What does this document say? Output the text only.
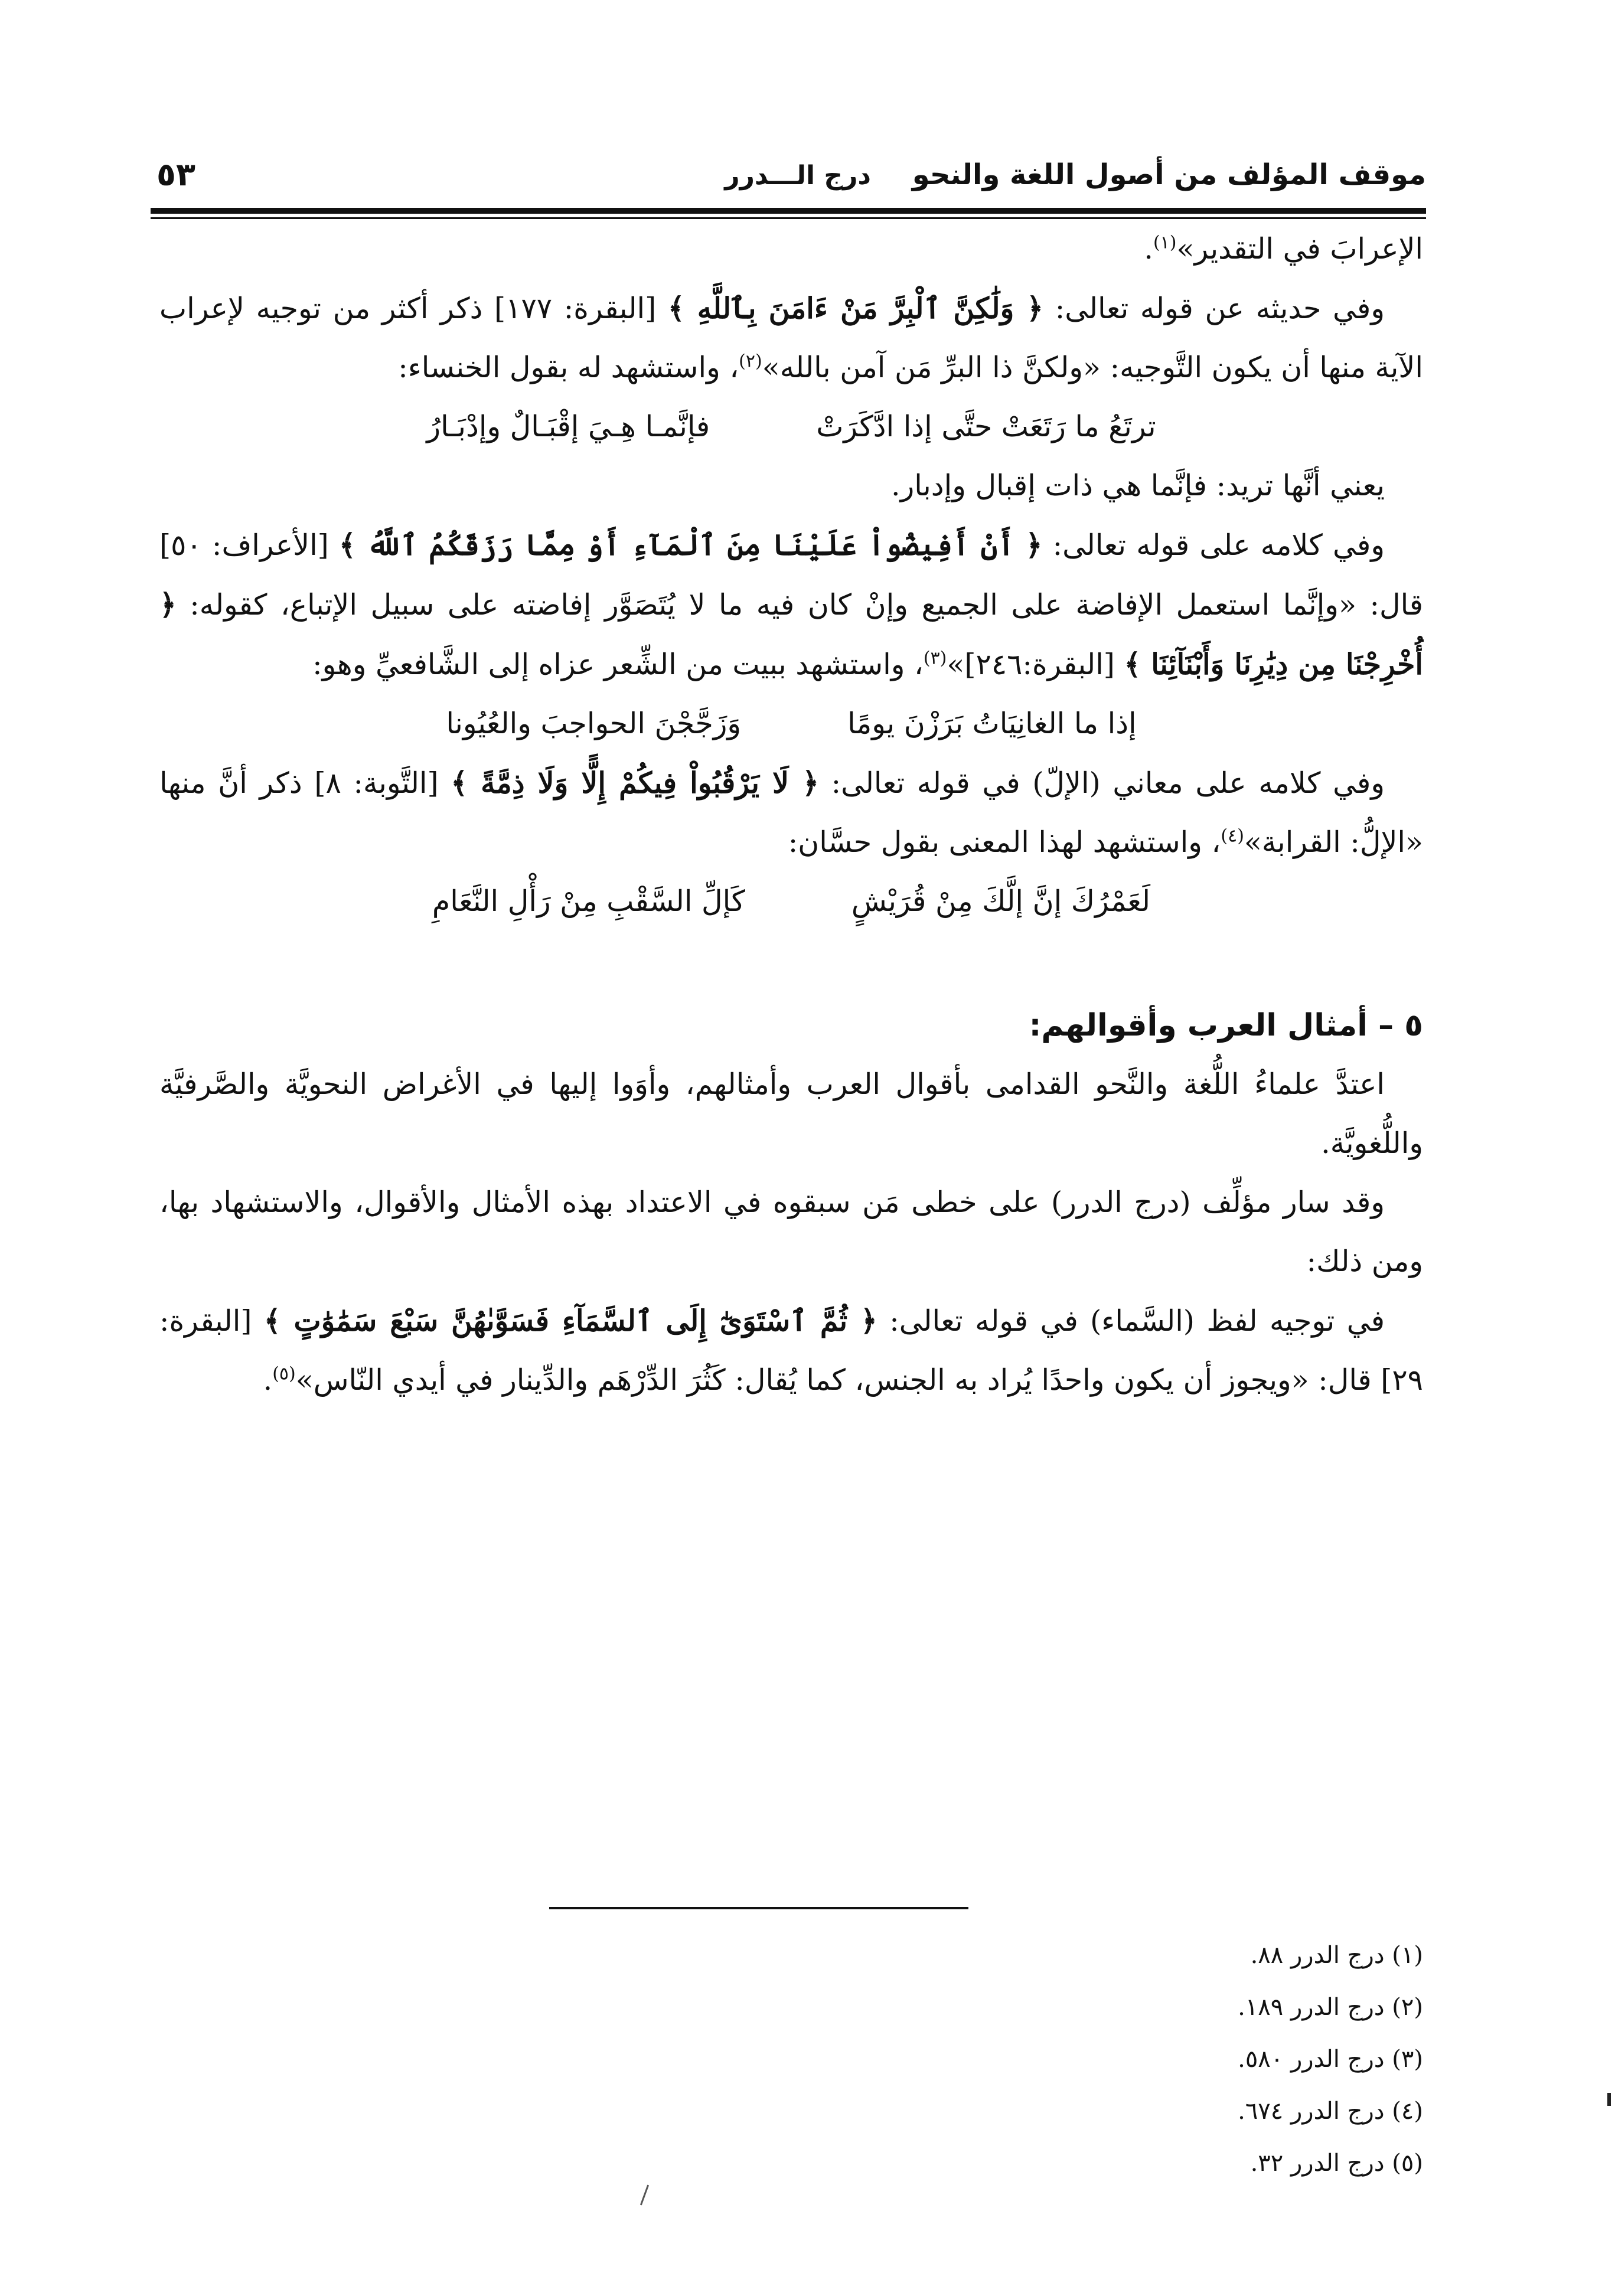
موقف المؤلف من أصول اللغة والنحو
درج الـــدرر
٥٣

الإعرابَ في التقدير»$^{(١)}$.

وفي حديثه عن قوله تعالى: ﴿ وَلَٰكِنَّ ٱلْبِرَّ مَنْ ءَامَنَ بِٱللَّهِ ﴾ [البقرة: ١٧٧] ذكر أكثر من توجيه لإعراب الآية منها أن يكون التَّوجيه: «ولكنَّ ذا البرِّ مَن آمن بالله»$^{(٢)}$، واستشهد له بقول الخنساء:

ترتَعُ ما رَتَعَتْ حتَّى إذا ادَّكَرَتْ
فإنَّمـا هِـيَ إقْبَـالٌ وإدْبَـارُ

يعني أنَّها تريد: فإنَّما هي ذات إقبال وإدبار.

وفي كلامه على قوله تعالى: ﴿ أَنْ أَفِيضُواْ عَلَيْنَا مِنَ ٱلْمَآءِ أَوْ مِمَّا رَزَقَكُمُ ٱللَّهُ ﴾ [الأعراف: ٥٠] قال: «وإنَّما استعمل الإفاضة على الجميع وإنْ كان فيه ما لا يُتَصَوَّر إفاضته على سبيل الإتباع، كقوله: ﴿ أُخْرِجْنَا مِن دِيَٰرِنَا وَأَبْنَآئِنَا ﴾ [البقرة:٢٤٦]»$^{(٣)}$، واستشهد ببيت من الشِّعر عزاه إلى الشَّافعيِّ وهو:

إذا ما الغانِيَاتُ بَرَزْنَ يومًا
وَزَجَّجْنَ الحواجبَ والعُيُونا

وفي كلامه على معاني (الإلّ) في قوله تعالى: ﴿ لَا يَرْقُبُواْ فِيكُمْ إِلًّا وَلَا ذِمَّةً ﴾ [التَّوبة: ٨] ذكر أنَّ منها «الإلُّ: القرابة»$^{(٤)}$، واستشهد لهذا المعنى بقول حسَّان:

لَعَمْرُكَ إنَّ إلَّكَ مِنْ قُرَيْشٍ
كَإلِّ السَّقْبِ مِنْ رَأْلِ النَّعَامِ
٥ – أمثال العرب وأقوالهم:

اعتدَّ علماءُ اللُّغة والنَّحو القدامى بأقوال العرب وأمثالهم، وأوَوا إليها في الأغراض النحويَّة والصَّرفيَّة واللُّغويَّة.

وقد سار مؤلِّف (درج الدرر) على خطى مَن سبقوه في الاعتداد بهذه الأمثال والأقوال، والاستشهاد بها، ومن ذلك:

في توجيه لفظ (السَّماء) في قوله تعالى: ﴿ ثُمَّ ٱسْتَوَىٰٓ إِلَى ٱلسَّمَآءِ فَسَوَّىٰهُنَّ سَبْعَ سَمَٰوَٰتٍ ﴾ [البقرة: ٢٩] قال: «ويجوز أن يكون واحدًا يُراد به الجنس، كما يُقال: كَثُرَ الدِّرْهَم والدِّينار في أيدي النّاس»$^{(٥)}$.

(١) درج الدرر ٨٨.
(٢) درج الدرر ١٨٩.
(٣) درج الدرر ٥٨٠.
(٤) درج الدرر ٦٧٤.
(٥) درج الدرر ٣٢.
